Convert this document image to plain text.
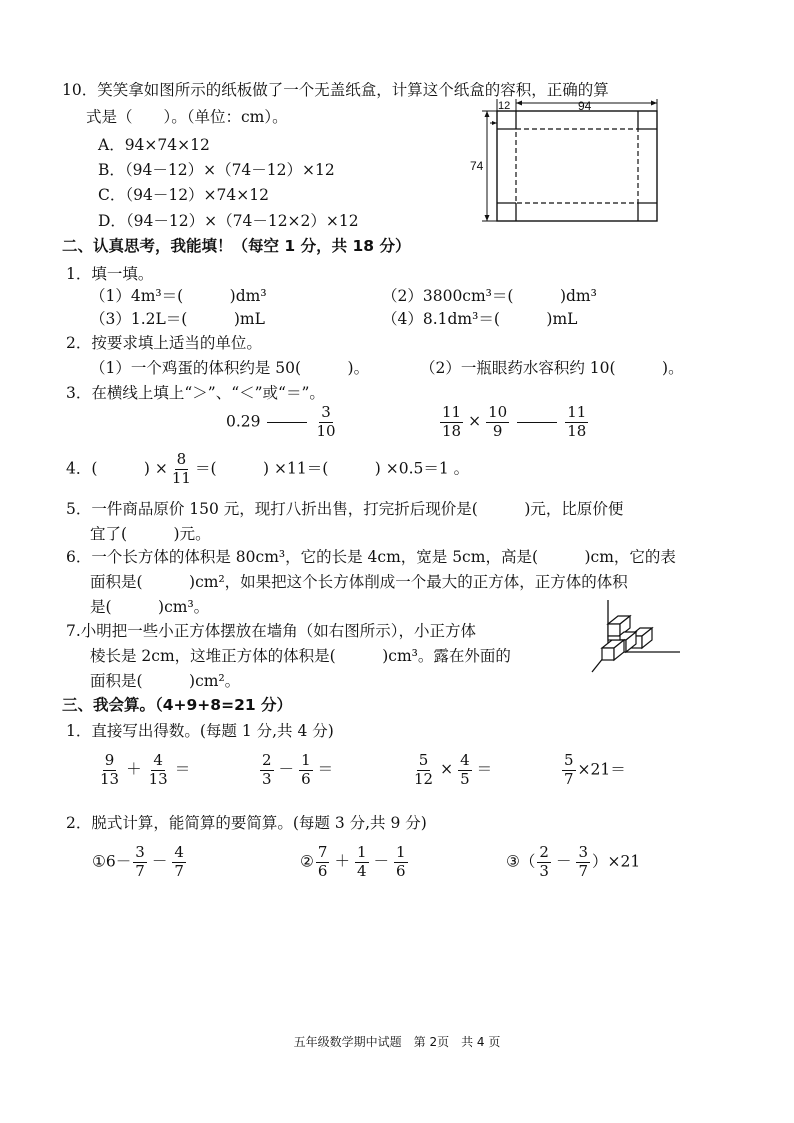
10．笑笑拿如图所示的纸板做了一个无盖纸盒，计算这个纸盒的容积，正确的算
式是（　　）。（单位：cm）。
A．94×74×12
B．（94－12）×（74－12）×12
C．（94－12）×74×12
D．（94－12）×（74－12×2）×12
12	94
74
二、认真思考，我能填！（每空 1 分，共 18 分）
1．填一填。
（1）4m³＝(　　　)dm³	（2）3800cm³＝(　　　)dm³
（3）1.2L＝(　　　)mL	（4）8.1dm³＝(　　　)mL
2．按要求填上适当的单位。
（1）一个鸡蛋的体积约是 50(　　　)。	（2）一瓶眼药水容积约 10(　　　)。
3．在横线上填上“＞”、“＜”或“＝”。
0.29	$\frac{3}{10}$	$\frac{11}{18} \times \frac{10}{9}$	$\frac{11}{18}$
4．(　　　) × $\frac{8}{11}$ ＝(　　　) ×11＝(　　　) ×0.5＝1 。
5．一件商品原价 150 元，现打八折出售，打完折后现价是(　　　)元，比原价便
宜了(　　　)元。
6．一个长方体的体积是 80cm³，它的长是 4cm，宽是 5cm，高是(　　　)cm，它的表
面积是(　　　)cm²，如果把这个长方体削成一个最大的正方体，正方体的体积
是(　　　)cm³。
7.小明把一些小正方体摆放在墙角（如右图所示），小正方体
棱长是 2cm，这堆正方体的体积是(　　　)cm³。露在外面的
面积是(　　　)cm²。
三、我会算。（4+9+8=21 分）
1．直接写出得数。(每题 1 分,共 4 分)
$\frac{9}{13} + \frac{4}{13}$ ＝	$\frac{2}{3} - \frac{1}{6}$ ＝	$\frac{5}{12} \times \frac{4}{5}$ ＝	$\frac{5}{7} \times 21=$
2．脱式计算，能简算的要简算。(每题 3 分,共 9 分)
①6－ $\frac{3}{7} - \frac{4}{7}$	② $\frac{7}{6} + \frac{1}{4} - \frac{1}{6}$	③（ $\frac{2}{3} - \frac{3}{7} )\times 21$
五年级数学期中试题　第 2页　共 4 页
